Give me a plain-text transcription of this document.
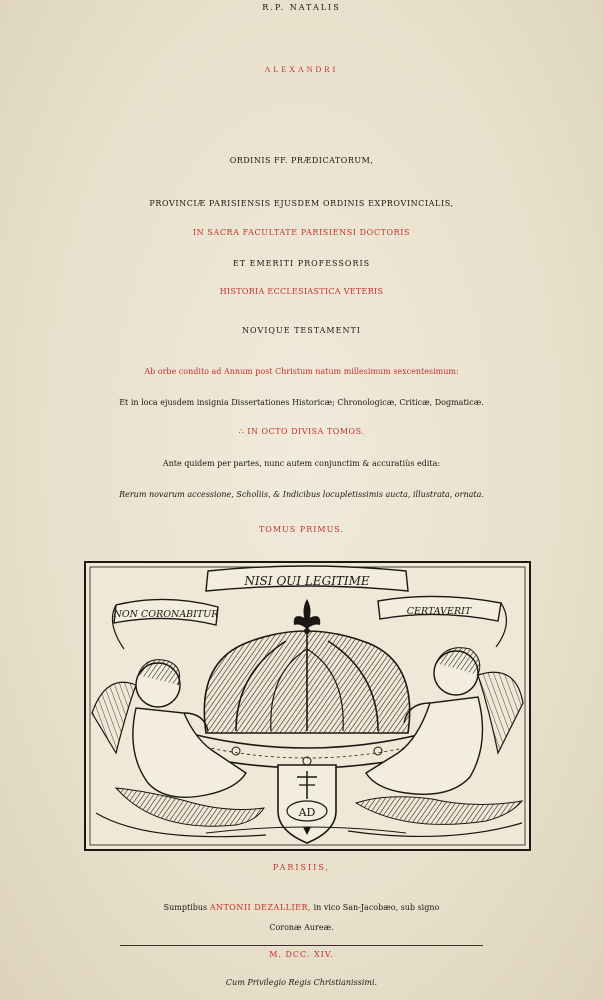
R.P. NATALIS
ALEXANDRI
ORDINIS FF. PRÆDICATORUM,
PROVINCIÆ PARISIENSIS EJUSDEM ORDINIS EXPROVINCIALIS,
IN SACRA FACULTATE PARISIENSI DOCTORIS
ET EMERITI PROFESSORIS
HISTORIA ECCLESIASTICA VETERIS
NOVIQUE TESTAMENTI
Ab orbe condito ad Annum post Christum natum millesimum sexcentesimum:
Et in loca ejusdem insignia Dissertationes Historicæ; Chronologicæ, Criticæ, Dogmaticæ.
∴ IN OCTO DIVISA TOMOS.
Ante quidem per partes, nunc autem conjunctim & accuratiùs edita:
Rerum novarum accessione, Scholiis, & Indicibus locupletissimis aucta, illustrata, ornata.
TOMUS PRIMUS.
NISI QUI LEGITIME
NON CORONABITUR	CERTAVERIT
AD
PARISIIS,
Sumptibus ANTONII DEZALLIER, in vico San-Jacobæo, sub signo
Coronæ Aureæ.
M. DCC. XIV.
Cum Privilegio Regis Christianissimi.
